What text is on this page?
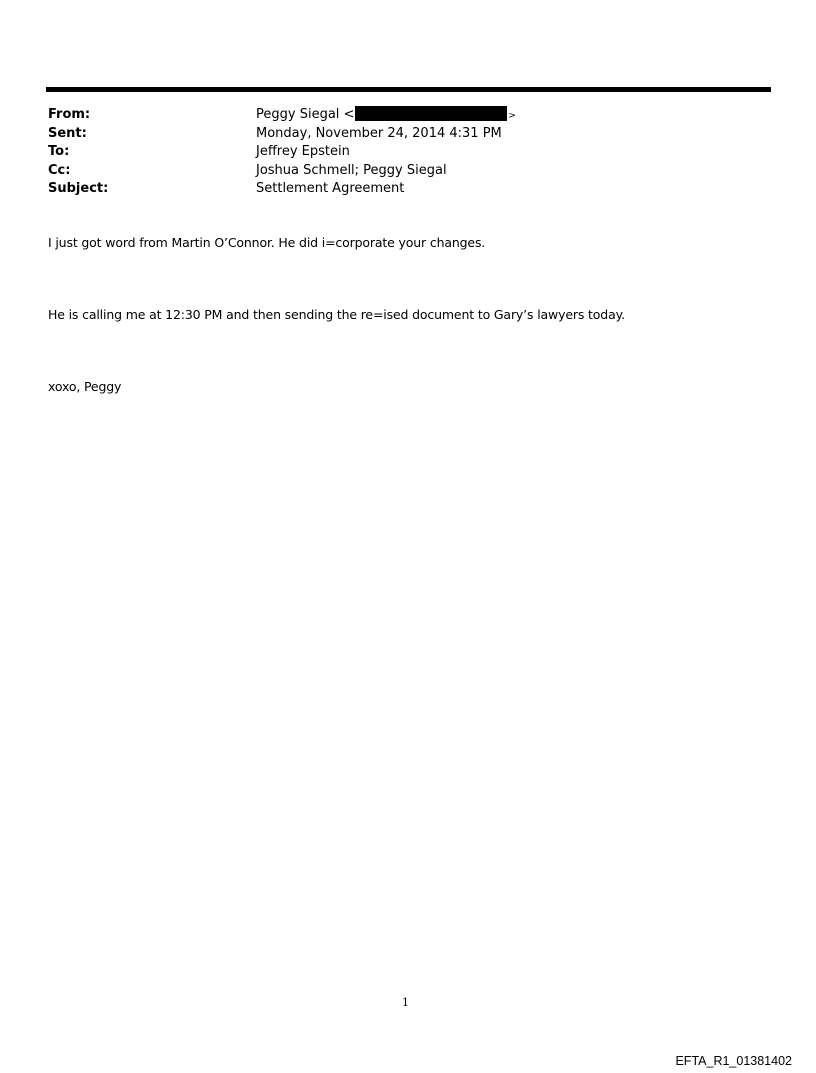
From:	Peggy Siegal <	>
Sent:	Monday, November 24, 2014 4:31 PM
To:	Jeffrey Epstein
Cc:	Joshua Schmell; Peggy Siegal
Subject:	Settlement Agreement
I just got word from Martin O’Connor. He did i=corporate your changes.
He is calling me at 12:30 PM and then sending the re=ised document to Gary’s lawyers today.
xoxo, Peggy
1
EFTA_R1_01381402
